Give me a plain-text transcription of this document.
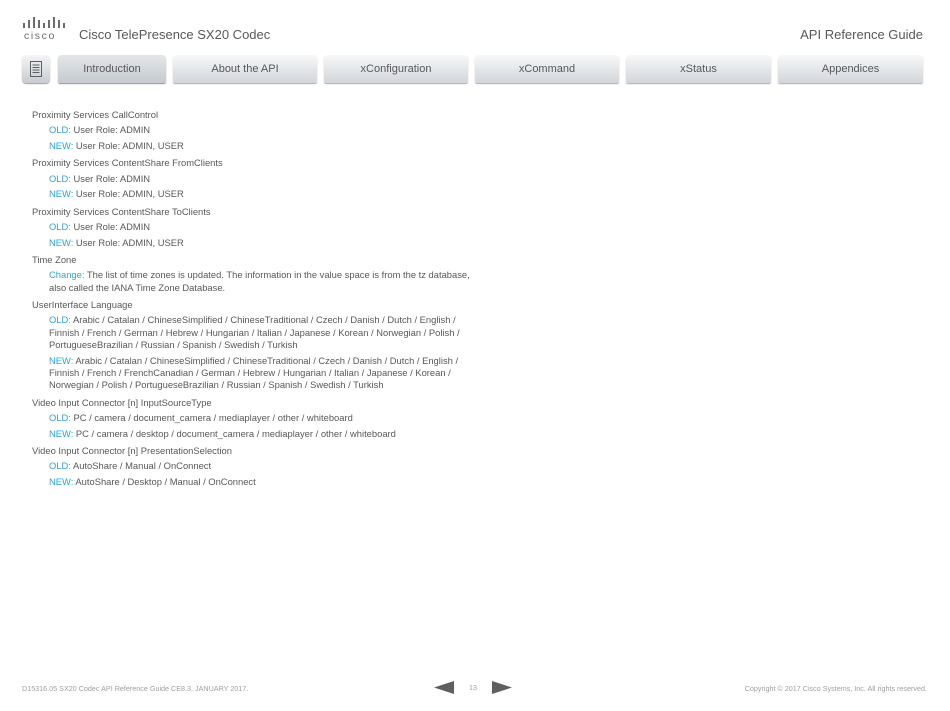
cisco Cisco TelePresence SX20 Codec	API Reference Guide
Introduction	About the API	xConfiguration	xCommand	xStatus	Appendices
Proximity Services CallControl
OLD: User Role: ADMIN
NEW: User Role: ADMIN, USER
Proximity Services ContentShare FromClients
OLD: User Role: ADMIN
NEW: User Role: ADMIN, USER
Proximity Services ContentShare ToClients
OLD: User Role: ADMIN
NEW: User Role: ADMIN, USER
Time Zone
Change: The list of time zones is updated. The information in the value space is from the tz database, also called the IANA Time Zone Database.
UserInterface Language
OLD: Arabic / Catalan / ChineseSimplified / ChineseTraditional / Czech / Danish / Dutch / English / Finnish / French / German / Hebrew / Hungarian / Italian / Japanese / Korean / Norwegian / Polish / PortugueseBrazilian / Russian / Spanish / Swedish / Turkish
NEW: Arabic / Catalan / ChineseSimplified / ChineseTraditional / Czech / Danish / Dutch / English / Finnish / French / FrenchCanadian / German / Hebrew / Hungarian / Italian / Japanese / Korean / Norwegian / Polish / PortugueseBrazilian / Russian / Spanish / Swedish / Turkish
Video Input Connector [n] InputSourceType
OLD: PC / camera / document_camera / mediaplayer / other / whiteboard
NEW: PC / camera / desktop / document_camera / mediaplayer / other / whiteboard
Video Input Connector [n] PresentationSelection
OLD: AutoShare / Manual / OnConnect
NEW: AutoShare / Desktop / Manual / OnConnect
D15316.05 SX20 Codec API Reference Guide CE8.3, JANUARY 2017.	13	Copyright © 2017 Cisco Systems, Inc. All rights reserved.
